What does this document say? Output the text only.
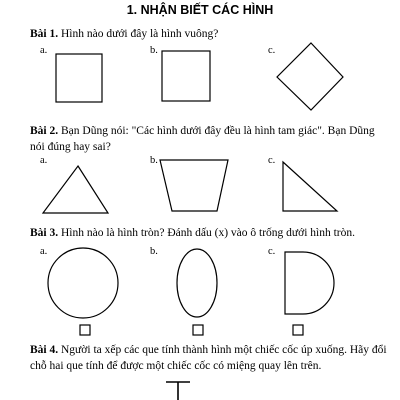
1. NHẬN BIẾT CÁC HÌNH
Bài 1. Hình nào dưới đây là hình vuông?
a.	b.	c.
Bài 2. Bạn Dũng nói: "Các hình dưới đây đều là hình tam giác". Bạn Dũng nói đúng hay sai?
a.	b.	c.
Bài 3. Hình nào là hình tròn? Đánh dấu (x) vào ô trống dưới hình tròn.
a.	b.	c.
Bài 4. Người ta xếp các que tính thành hình một chiếc cốc úp xuống. Hãy đổi chỗ hai que tính để được một chiếc cốc có miệng quay lên trên.
